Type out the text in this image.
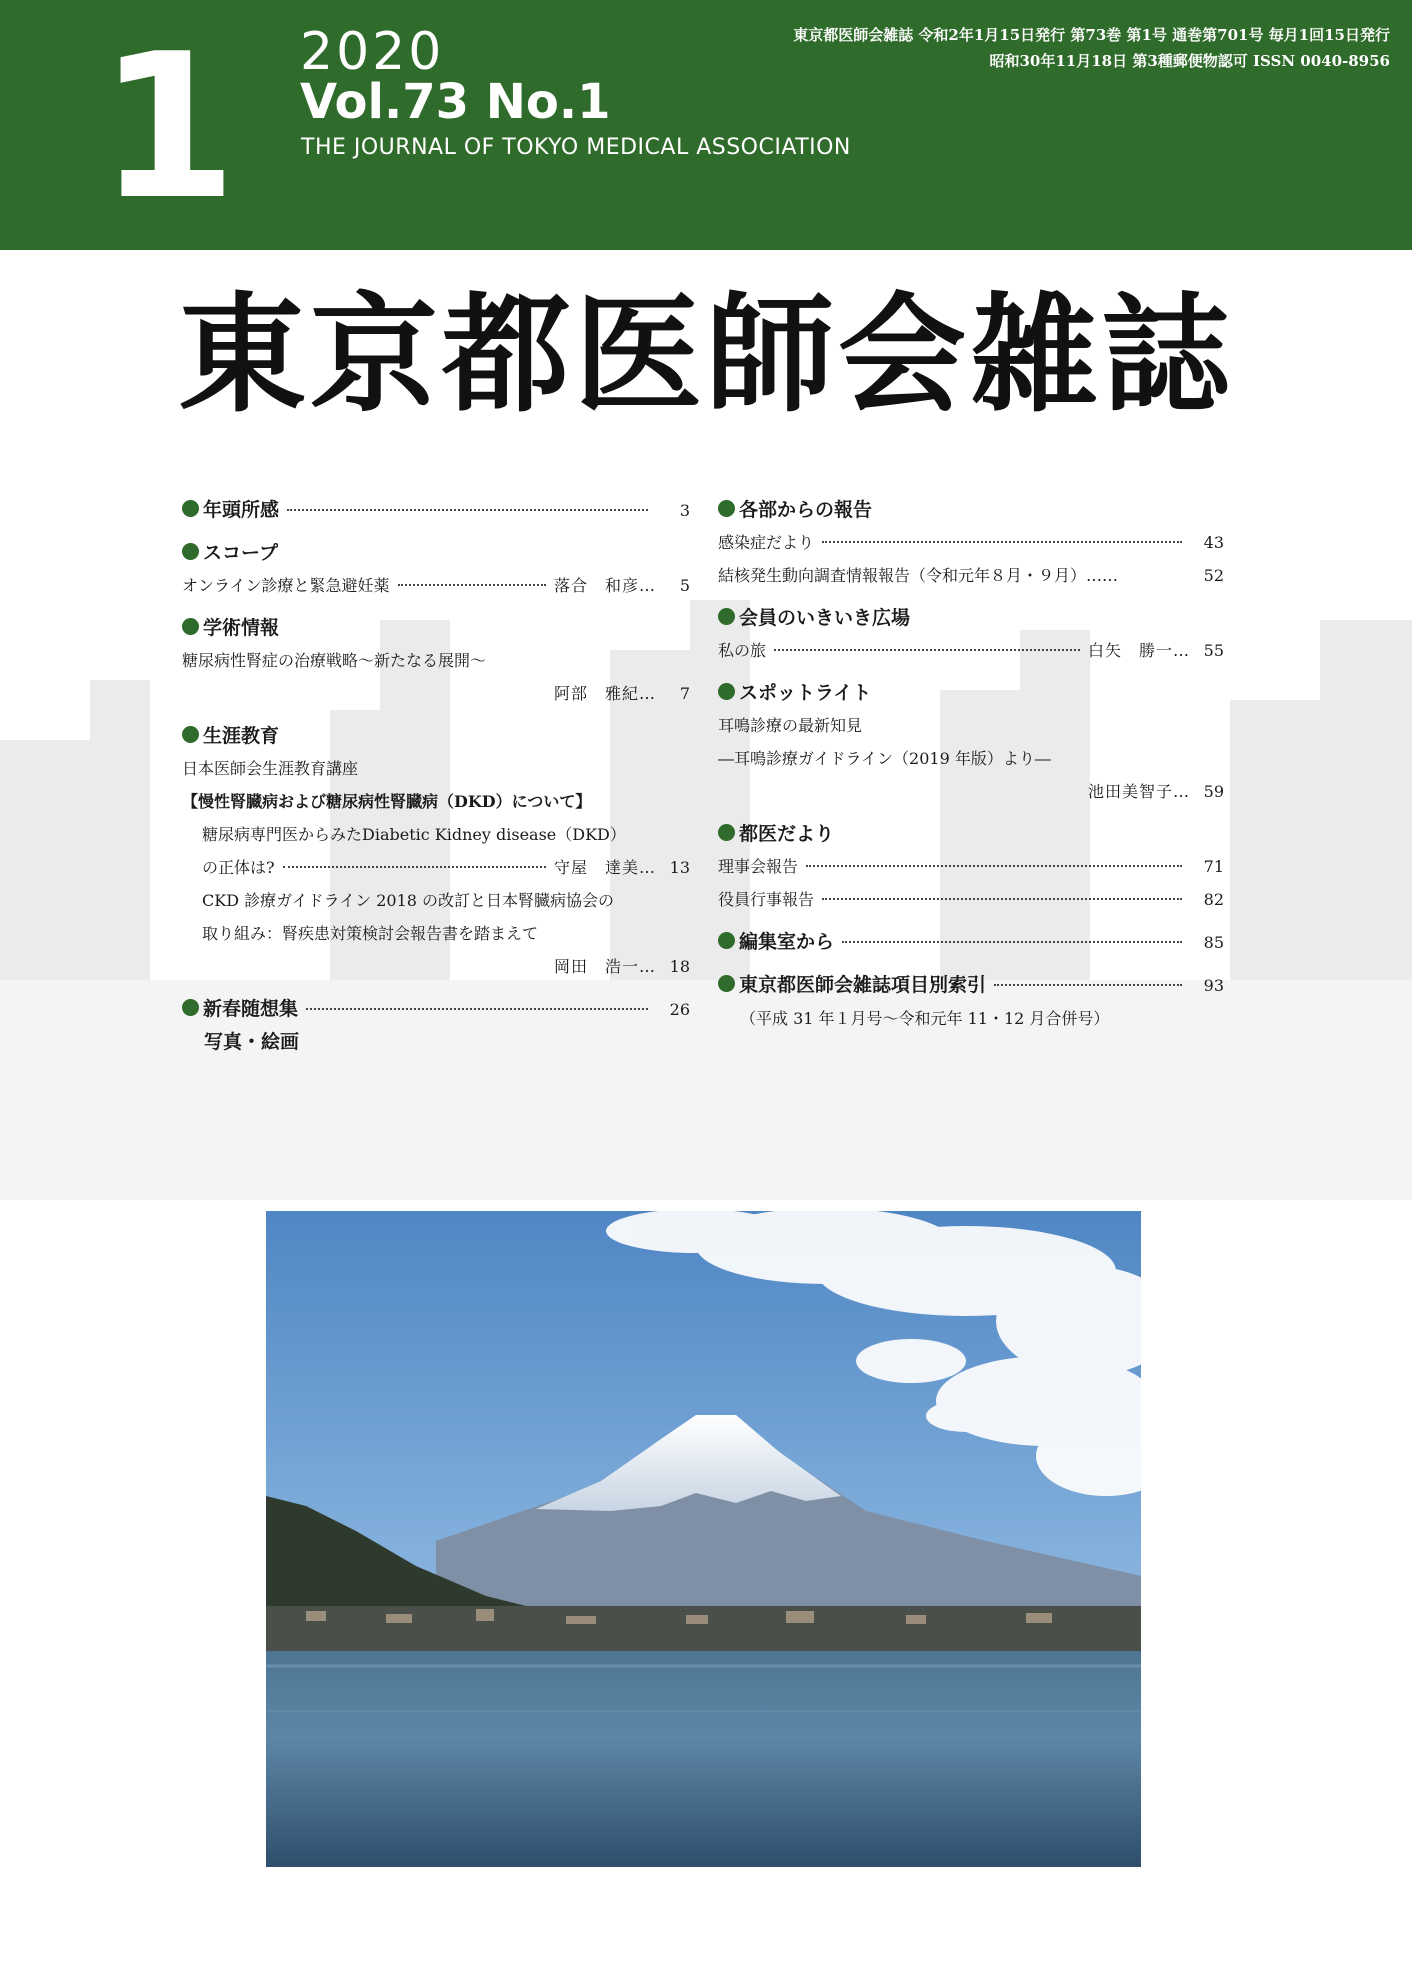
1 2020
Vol.73 No.1
THE JOURNAL OF TOKYO MEDICAL ASSOCIATION
東京都医師会雑誌 令和2年1月15日発行 第73巻 第1号 通巻第701号 毎月1回15日発行
昭和30年11月18日 第3種郵便物認可 ISSN 0040-8956
東京都医師会雑誌
年頭所感	3
スコープ
オンライン診療と緊急避妊薬	落合　和彦…	5
学術情報
糖尿病性腎症の治療戦略～新たなる展開～
阿部　雅紀…	7
生涯教育
日本医師会生涯教育講座
【慢性腎臓病および糖尿病性腎臓病（DKD）について】
糖尿病専門医からみたDiabetic Kidney disease（DKD）
の正体は?	守屋　達美… 13
CKD 診療ガイドライン 2018 の改訂と日本腎臓病協会の
取り組み：腎疾患対策検討会報告書を踏まえて
岡田　浩一… 18
新春随想集	26
写真・絵画
各部からの報告
感染症だより	43
結核発生動向調査情報報告（令和元年８月・９月）……	52
会員のいきいき広場
私の旅	白矢　勝一… 55
スポットライト
耳鳴診療の最新知見
―耳鳴診療ガイドライン（2019 年版）より―
池田美智子… 59
都医だより
理事会報告	71
役員行事報告	82
編集室から	85
東京都医師会雑誌項目別索引	93
（平成 31 年１月号～令和元年 11・12 月合併号）
